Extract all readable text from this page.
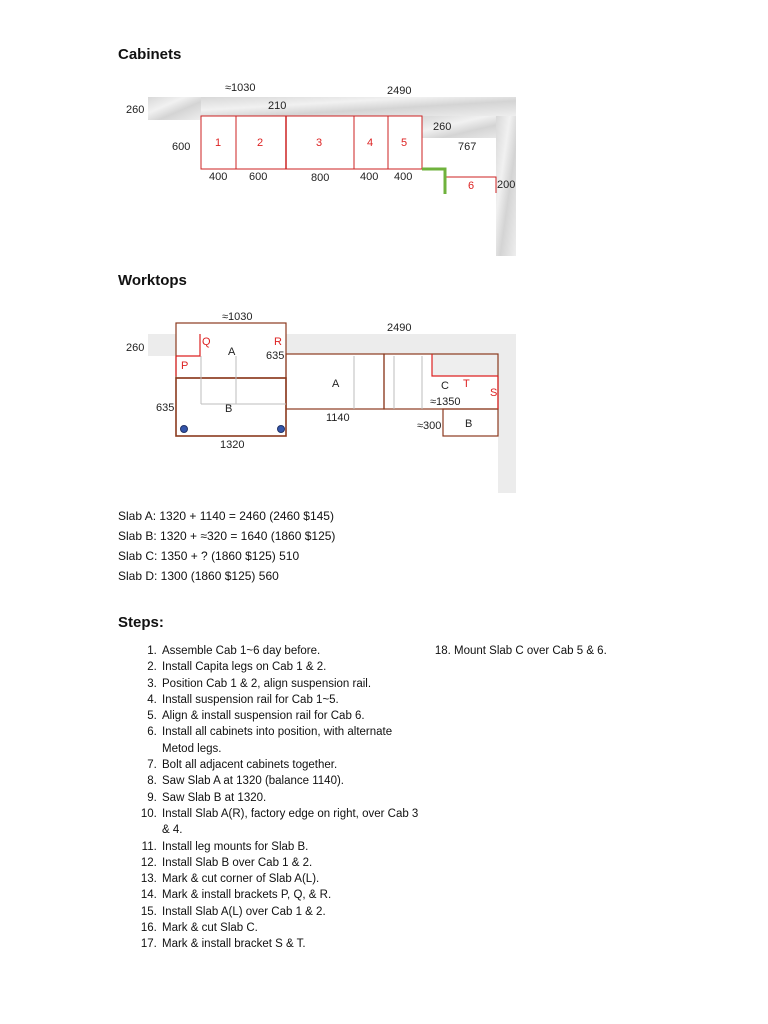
Cabinets
Worktops
Steps:
1	2	3	4	5
6
260
≈1030
210
2490
260
600	767
200
400 600	800	400 400
Q	R
P
T
S
A
B
A	C
B
260
≈1030
2490
635
635
1320
1140
≈1350
≈300
Slab A: 1320 + 1140 = 2460 (2460 $145)
Slab B: 1320 + ≈320 = 1640 (1860 $125)
Slab C: 1350 + ? (1860 $125) 510
Slab D: 1300 (1860 $125) 560
1. Assemble Cab 1~6 day before.
2. Install Capita legs on Cab 1 & 2.
3. Position Cab 1 & 2, align suspension rail.
4. Install suspension rail for Cab 1~5.
5. Align & install suspension rail for Cab 6.
6. Install all cabinets into position, with alternate Metod legs.
7. Bolt all adjacent cabinets together.
8. Saw Slab A at 1320 (balance 1140).
9. Saw Slab B at 1320.
10. Install Slab A(R), factory edge on right, over Cab 3 & 4.
11. Install leg mounts for Slab B.
12. Install Slab B over Cab 1 & 2.
13. Mark & cut corner of Slab A(L).
14. Mark & install brackets P, Q, & R.
15. Install Slab A(L) over Cab 1 & 2.
16. Mark & cut Slab C.
17. Mark & install bracket S & T.
18. Mount Slab C over Cab 5 & 6.
